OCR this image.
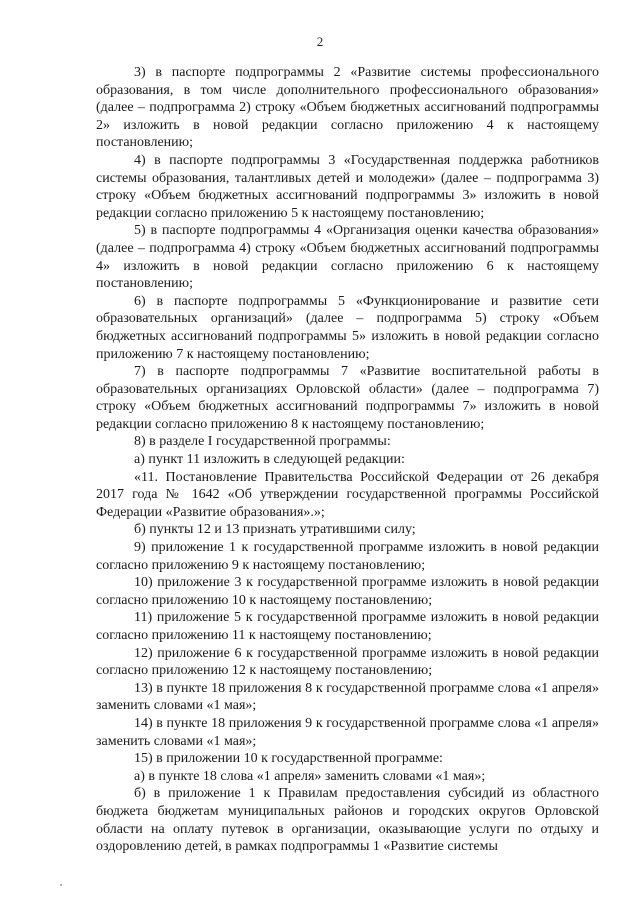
2

3) в паспорте подпрограммы 2 «Развитие системы профессионального образования, в том числе дополнительного профессионального образования» (далее – подпрограмма 2) строку «Объем бюджетных ассигнований подпрограммы 2» изложить в новой редакции согласно приложению 4 к настоящему постановлению;

4) в паспорте подпрограммы 3 «Государственная поддержка работников системы образования, талантливых детей и молодежи» (далее – подпрограмма 3) строку «Объем бюджетных ассигнований подпрограммы 3» изложить в новой редакции согласно приложению 5 к настоящему постановлению;

5) в паспорте подпрограммы 4 «Организация оценки качества образования» (далее – подпрограмма 4) строку «Объем бюджетных ассигнований подпрограммы 4» изложить в новой редакции согласно приложению 6 к настоящему постановлению;

6) в паспорте подпрограммы 5 «Функционирование и развитие сети образовательных организаций» (далее – подпрограмма 5) строку «Объем бюджетных ассигнований подпрограммы 5» изложить в новой редакции согласно приложению 7 к настоящему постановлению;

7) в паспорте подпрограммы 7 «Развитие воспитательной работы в образовательных организациях Орловской области» (далее – подпрограмма 7) строку «Объем бюджетных ассигнований подпрограммы 7» изложить в новой редакции согласно приложению 8 к настоящему постановлению;

8) в разделе I государственной программы:

а) пункт 11 изложить в следующей редакции:

«11. Постановление Правительства Российской Федерации от 26 декабря 2017 года № 1642 «Об утверждении государственной программы Российской Федерации «Развитие образования».»;

б) пункты 12 и 13 признать утратившими силу;

9) приложение 1 к государственной программе изложить в новой редакции согласно приложению 9 к настоящему постановлению;

10) приложение 3 к государственной программе изложить в новой редакции согласно приложению 10 к настоящему постановлению;

11) приложение 5 к государственной программе изложить в новой редакции согласно приложению 11 к настоящему постановлению;

12) приложение 6 к государственной программе изложить в новой редакции согласно приложению 12 к настоящему постановлению;

13) в пункте 18 приложения 8 к государственной программе слова «1 апреля» заменить словами «1 мая»;

14) в пункте 18 приложения 9 к государственной программе слова «1 апреля» заменить словами «1 мая»;

15) в приложении 10 к государственной программе:

а) в пункте 18 слова «1 апреля» заменить словами «1 мая»;

б) в приложение 1 к Правилам предоставления субсидий из областного бюджета бюджетам муниципальных районов и городских округов Орловской области на оплату путевок в организации, оказывающие услуги по отдыху и оздоровлению детей, в рамках подпрограммы 1 «Развитие системы
